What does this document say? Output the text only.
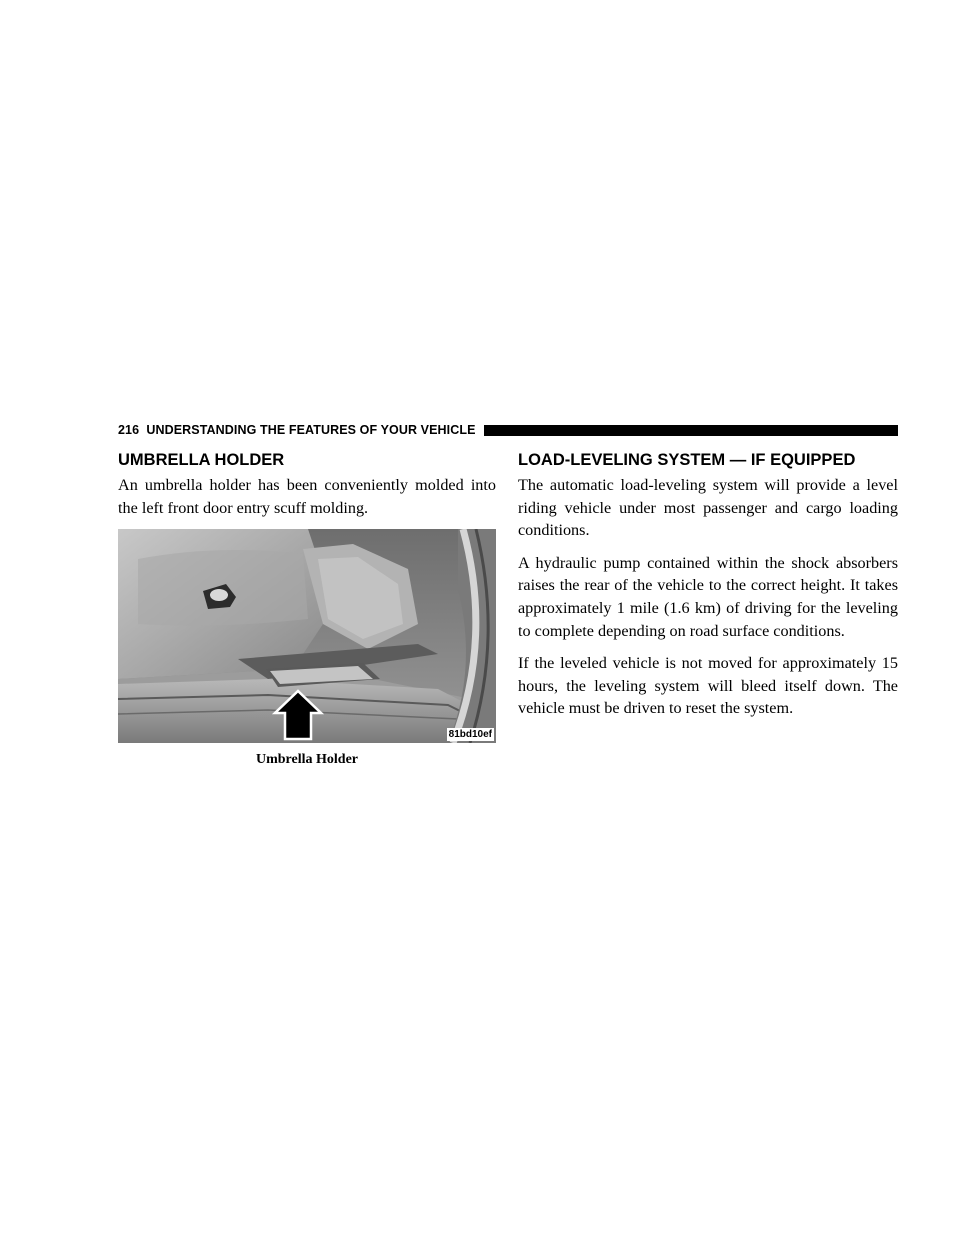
216 UNDERSTANDING THE FEATURES OF YOUR VEHICLE
UMBRELLA HOLDER

An umbrella holder has been conveniently molded into the left front door entry scuff molding.

81bd10ef
Umbrella Holder
LOAD-LEVELING SYSTEM — IF EQUIPPED

The automatic load-leveling system will provide a level riding vehicle under most passenger and cargo loading conditions.

A hydraulic pump contained within the shock absorbers raises the rear of the vehicle to the correct height. It takes approximately 1 mile (1.6 km) of driving for the leveling to complete depending on road surface conditions.

If the leveled vehicle is not moved for approximately 15 hours, the leveling system will bleed itself down. The vehicle must be driven to reset the system.
